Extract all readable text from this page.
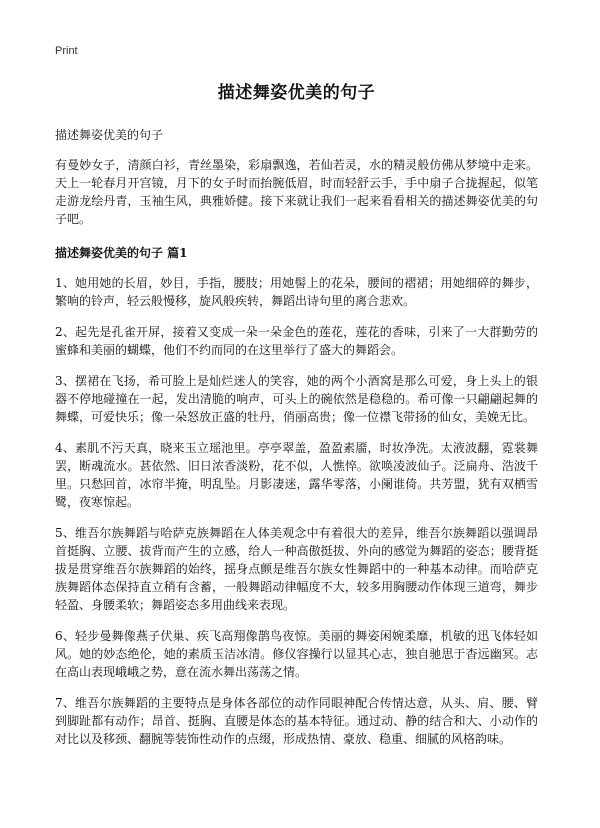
Print
描述舞姿优美的句子
描述舞姿优美的句子

有曼妙女子，清颜白衫，青丝墨染，彩扇飘逸，若仙若灵，水的精灵般仿佛从梦境中走来。天上一轮春月开宫镜，月下的女子时而抬腕低眉，时而轻舒云手，手中扇子合拢握起，似笔走游龙绘丹青，玉袖生风，典雅娇健。接下来就让我们一起来看看相关的描述舞姿优美的句子吧。

描述舞姿优美的句子 篇1

1、她用她的长眉，妙目，手指，腰肢；用她髻上的花朵，腰间的褶裙；用她细碎的舞步，繁响的铃声，轻云般慢移，旋风般疾转，舞蹈出诗句里的离合悲欢。

2、起先是孔雀开屏，接着又变成一朵一朵金色的莲花，莲花的香味，引来了一大群勤劳的蜜蜂和美丽的蝴蝶，他们不约而同的在这里举行了盛大的舞蹈会。

3、摆裙在飞扬，希可脸上是灿烂迷人的笑容，她的两个小酒窝是那么可爱，身上头上的银器不停地碰撞在一起，发出清脆的响声，可头上的碗依然是稳稳的。希可像一只翩翩起舞的舞蝶，可爱快乐；像一朵怒放正盛的牡丹，俏丽高贵；像一位襟飞带扬的仙女，美娩无比。

4、素肌不污天真，晓来玉立瑶池里。亭亭翠盖，盈盈素靥，时妆净洗。太液波翻，霓裳舞罢，断魂流水。甚依然、旧日浓香淡粉，花不似，人憔悴。欲唤凌波仙子。泛扁舟、浩波千里。只愁回首，冰帘半掩，明乱坠。月影凄迷，露华零落，小阑谁倚。共芳盟，犹有双栖雪鹭，夜寒惊起。

5、维吾尔族舞蹈与哈萨克族舞蹈在人体美观念中有着很大的差异，维吾尔族舞蹈以强调昂首挺胸、立腰、拔背而产生的立感，给人一种高傲挺拔、外向的感觉为舞蹈的姿态；腰背挺拔是贯穿维吾尔族舞蹈的始终，摇身点颤是维吾尔族女性舞蹈中的一种基本动律。而哈萨克族舞蹈体态保持直立稍有含蓄，一般舞蹈动律幅度不大，较多用胸腰动作体现三道弯，舞步轻盈、身腰柔软；舞蹈姿态多用曲线来表现。

6、轻步曼舞像燕子伏巢、疾飞高翔像鹊鸟夜惊。美丽的舞姿闲婉柔靡，机敏的迅飞体轻如风。她的妙态绝伦，她的素质玉洁冰清。修仪容操行以显其心志，独自驰思于杳远幽冥。志在高山表现峨峨之势，意在流水舞出荡荡之情。

7、维吾尔族舞蹈的主要特点是身体各部位的动作同眼神配合传情达意，从头、肩、腰、臂到脚趾都有动作；昂首、挺胸、直腰是体态的基本特征。通过动、静的结合和大、小动作的对比以及移颈、翻腕等装饰性动作的点缀，形成热情、豪放、稳重、细腻的风格韵味。
